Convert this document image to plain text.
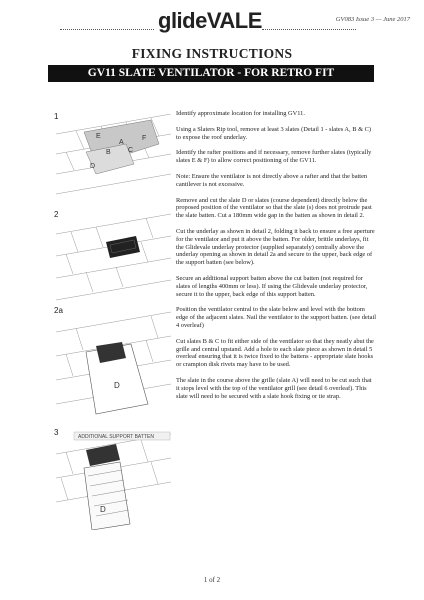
glideVALE	GV083 Issue 3 — June 2017
FIXING INSTRUCTIONS
GV11 SLATE VENTILATOR - FOR RETRO FIT
1
E
A
F
B C
D
2
2a
D
3	ADDITIONAL SUPPORT BATTEN
D

Identify approximate location for installing GV11.

Using a Slaters Rip tool, remove at least 3 slates (Detail 1 - slates A, B & C) to expose the roof underlay.

Identify the rafter positions and if necessary, remove further slates (typically slates E & F) to allow correct positioning of the GV11.

Note: Ensure the ventilator is not directly above a rafter and that the batten cantilever is not excessive.

Remove and cut the slate D or slates (course dependent) directly below the proposed position of the ventilator so that the slate (s) does not protrude past the slate batten. Cut a 180mm wide gap in the batten as shown in detail 2.

Cut the underlay as shown in detail 2, folding it back to ensure a free aperture for the ventilator and put it above the batten. For older, brittle underlays, fit the Glidevale underlay protector (supplied separately) centrally above the underlay opening as shown in detail 2a and secure to the upper, back edge of the support batten (see below).

Secure an additional support batten above the cut batten (not required for slates of lengths 400mm or less). If using the Glidevale underlay protector, secure it to the upper, back edge of this support batten.

Position the ventilator central to the slate below and level with the bottom edge of the adjacent slates. Nail the ventilator to the support batten. (see detail 4 overleaf)

Cut slates B & C to fit either side of the ventilator so that they neatly abut the grille and central upstand. Add a hole to each slate piece as shown in detail 5 overleaf ensuring that it is twice fixed to the battens - appropriate slate hooks or crampion disk rivets may have to be used.

The slate in the course above the grille (slate A) will need to be cut such that it stops level with the top of the ventilator grill (see detail 6 overleaf). This slate will need to be secured with a slate hook fixing or tie strap.

1 of 2
